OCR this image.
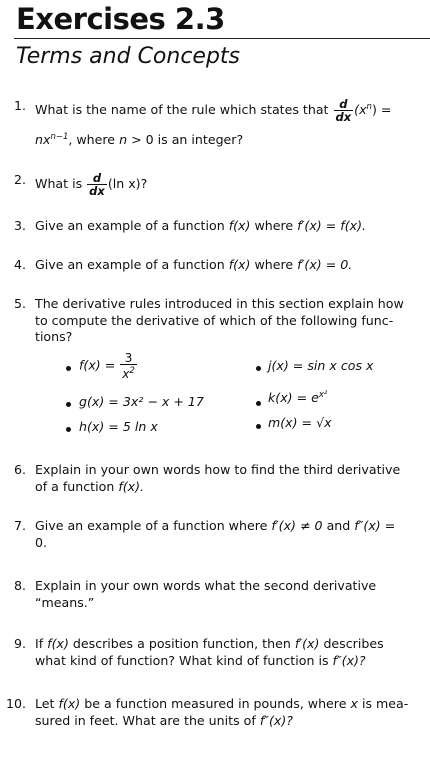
Exercises 2.3
Terms and Concepts
1. What is the name of the rule which states that $\frac{d}{dx} (x^n)$ =
$nx^{n-1}$, where n > 0 is an integer?
2. What is $\frac{d}{dx} (\ln$ x)?
3. Give an example of a function f(x) where f′(x) = f(x).
4. Give an example of a function f(x) where f′(x) = 0.
5. The derivative rules introduced in this section explain how
to compute the derivative of which of the following func-
tions?
$f(x) = \frac{3}{x^2}$	j(x) = sin x cos x
g(x) = 3x² − x + 17	$k(x) = e^{x^2}$
h(x) = 5 ln x	m(x) = √x
6. Explain in your own words how to find the third derivative
of a function f(x).
7. Give an example of a function where f′(x) ≠ 0 and f″(x) =
0.
8. Explain in your own words what the second derivative
“means.”
9. If f(x) describes a position function, then f′(x) describes
what kind of function? What kind of function is f″(x)?
10. Let f(x) be a function measured in pounds, where x is mea-
sured in feet. What are the units of f″(x)?
